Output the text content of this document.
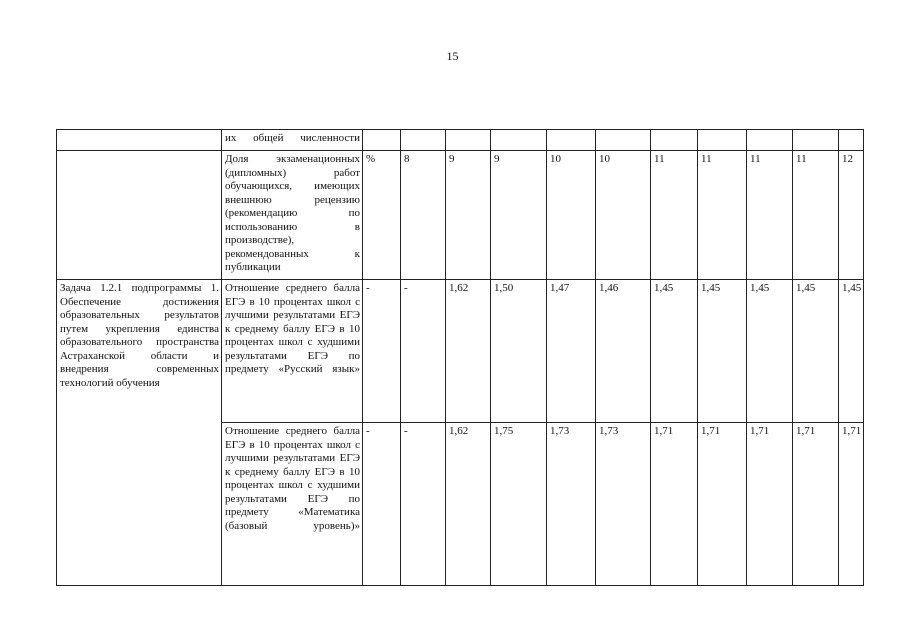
15
	их общей численности											
	Доля экзаменационных (дипломных) работ обучающихся, имеющих внешнюю рецензию (рекомендацию по использованию в производстве), рекомендованных к публикации	%	8	9	9	10	10	11	11	11	11	12
Задача 1.2.1 подпрограммы 1. Обеспечение достижения образовательных результатов путем укрепления единства образовательного пространства Астраханской области и внедрения современных технологий обучения	Отношение среднего балла ЕГЭ в 10 процентах школ с лучшими результатами ЕГЭ к среднему баллу ЕГЭ в 10 процентах школ с худшими результатами ЕГЭ по предмету «Русский язык»	-	-	1,62	1,50	1,47	1,46	1,45	1,45	1,45	1,45	1,45
	Отношение среднего балла ЕГЭ в 10 процентах школ с лучшими результатами ЕГЭ к среднему баллу ЕГЭ в 10 процентах школ с худшими результатами ЕГЭ по предмету «Математика (базовый уровень)»	-	-	1,62	1,75	1,73	1,73	1,71	1,71	1,71	1,71	1,71
